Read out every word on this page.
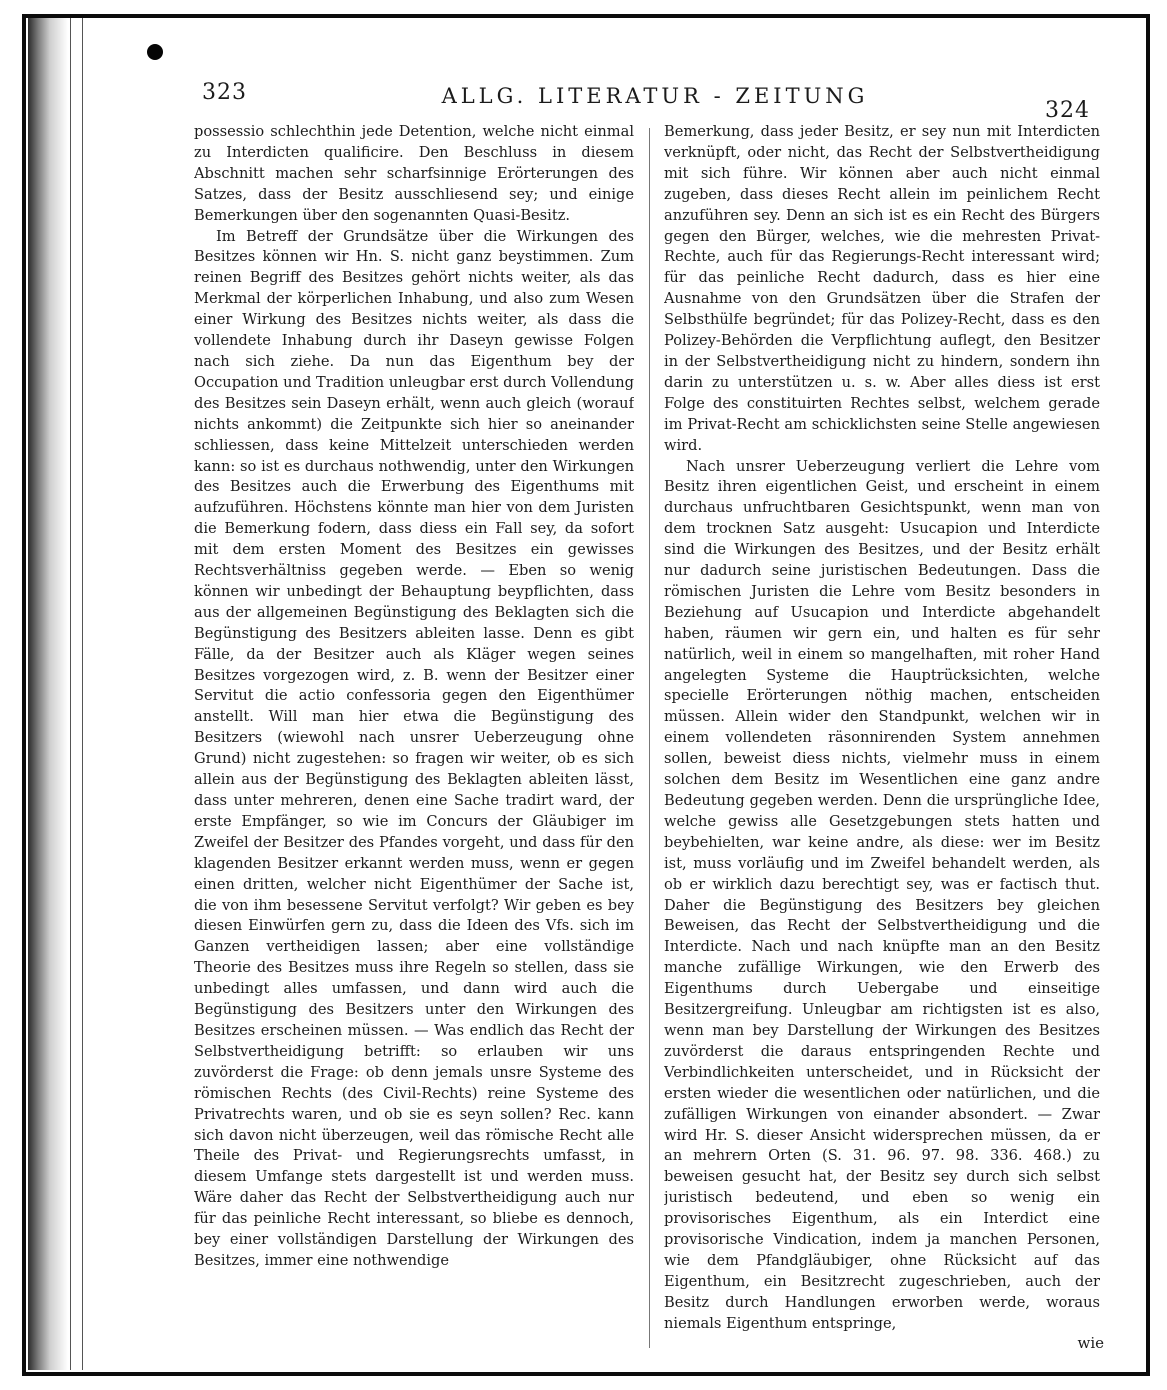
323	ALLG. LITERATUR - ZEITUNG
324

possessio schlechthin jede Detention, welche nicht einmal zu Interdicten qualificire. Den Beschluss in diesem Abschnitt machen sehr scharfsinnige Erörterungen des Satzes, dass der Besitz ausschliesend sey; und einige Bemerkungen über den sogenannten Quasi-Besitz.

Im Betreff der Grundsätze über die Wirkungen des Besitzes können wir Hn. S. nicht ganz beystimmen. Zum reinen Begriff des Besitzes gehört nichts weiter, als das Merkmal der körperlichen Inhabung, und also zum Wesen einer Wirkung des Besitzes nichts weiter, als dass die vollendete Inhabung durch ihr Daseyn gewisse Folgen nach sich ziehe. Da nun das Eigenthum bey der Occupation und Tradition unleugbar erst durch Vollendung des Besitzes sein Daseyn erhält, wenn auch gleich (worauf nichts ankommt) die Zeitpunkte sich hier so aneinander schliessen, dass keine Mittelzeit unterschieden werden kann: so ist es durchaus nothwendig, unter den Wirkungen des Besitzes auch die Erwerbung des Eigenthums mit aufzuführen. Höchstens könnte man hier von dem Juristen die Bemerkung fodern, dass diess ein Fall sey, da sofort mit dem ersten Moment des Besitzes ein gewisses Rechtsverhältniss gegeben werde. — Eben so wenig können wir unbedingt der Behauptung beypflichten, dass aus der allgemeinen Begünstigung des Beklagten sich die Begünstigung des Besitzers ableiten lasse. Denn es gibt Fälle, da der Besitzer auch als Kläger wegen seines Besitzes vorgezogen wird, z. B. wenn der Besitzer einer Servitut die actio confessoria gegen den Eigenthümer anstellt. Will man hier etwa die Begünstigung des Besitzers (wiewohl nach unsrer Ueberzeugung ohne Grund) nicht zugestehen: so fragen wir weiter, ob es sich allein aus der Begünstigung des Beklagten ableiten lässt, dass unter mehreren, denen eine Sache tradirt ward, der erste Empfänger, so wie im Concurs der Gläubiger im Zweifel der Besitzer des Pfandes vorgeht, und dass für den klagenden Besitzer erkannt werden muss, wenn er gegen einen dritten, welcher nicht Eigenthümer der Sache ist, die von ihm besessene Servitut verfolgt? Wir geben es bey diesen Einwürfen gern zu, dass die Ideen des Vfs. sich im Ganzen vertheidigen lassen; aber eine vollständige Theorie des Besitzes muss ihre Regeln so stellen, dass sie unbedingt alles umfassen, und dann wird auch die Begünstigung des Besitzers unter den Wirkungen des Besitzes erscheinen müssen. — Was endlich das Recht der Selbstvertheidigung betrifft: so erlauben wir uns zuvörderst die Frage: ob denn jemals unsre Systeme des römischen Rechts (des Civil-Rechts) reine Systeme des Privatrechts waren, und ob sie es seyn sollen? Rec. kann sich davon nicht überzeugen, weil das römische Recht alle Theile des Privat- und Regierungsrechts umfasst, in diesem Umfange stets dargestellt ist und werden muss. Wäre daher das Recht der Selbstvertheidigung auch nur für das peinliche Recht interessant, so bliebe es dennoch, bey einer vollständigen Darstellung der Wirkungen des Besitzes, immer eine nothwendige

Bemerkung, dass jeder Besitz, er sey nun mit Interdicten verknüpft, oder nicht, das Recht der Selbstvertheidigung mit sich führe. Wir können aber auch nicht einmal zugeben, dass dieses Recht allein im peinlichem Recht anzuführen sey. Denn an sich ist es ein Recht des Bürgers gegen den Bürger, welches, wie die mehresten Privat-Rechte, auch für das Regierungs-Recht interessant wird; für das peinliche Recht dadurch, dass es hier eine Ausnahme von den Grundsätzen über die Strafen der Selbsthülfe begründet; für das Polizey-Recht, dass es den Polizey-Behörden die Verpflichtung auflegt, den Besitzer in der Selbstvertheidigung nicht zu hindern, sondern ihn darin zu unterstützen u. s. w. Aber alles diess ist erst Folge des constituirten Rechtes selbst, welchem gerade im Privat-Recht am schicklichsten seine Stelle angewiesen wird.

Nach unsrer Ueberzeugung verliert die Lehre vom Besitz ihren eigentlichen Geist, und erscheint in einem durchaus unfruchtbaren Gesichtspunkt, wenn man von dem trocknen Satz ausgeht: Usucapion und Interdicte sind die Wirkungen des Besitzes, und der Besitz erhält nur dadurch seine juristischen Bedeutungen. Dass die römischen Juristen die Lehre vom Besitz besonders in Beziehung auf Usucapion und Interdicte abgehandelt haben, räumen wir gern ein, und halten es für sehr natürlich, weil in einem so mangelhaften, mit roher Hand angelegten Systeme die Hauptrücksichten, welche specielle Erörterungen nöthig machen, entscheiden müssen. Allein wider den Standpunkt, welchen wir in einem vollendeten räsonnirenden System annehmen sollen, beweist diess nichts, vielmehr muss in einem solchen dem Besitz im Wesentlichen eine ganz andre Bedeutung gegeben werden. Denn die ursprüngliche Idee, welche gewiss alle Gesetzgebungen stets hatten und beybehielten, war keine andre, als diese: wer im Besitz ist, muss vorläufig und im Zweifel behandelt werden, als ob er wirklich dazu berechtigt sey, was er factisch thut. Daher die Begünstigung des Besitzers bey gleichen Beweisen, das Recht der Selbstvertheidigung und die Interdicte. Nach und nach knüpfte man an den Besitz manche zufällige Wirkungen, wie den Erwerb des Eigenthums durch Uebergabe und einseitige Besitzergreifung. Unleugbar am richtigsten ist es also, wenn man bey Darstellung der Wirkungen des Besitzes zuvörderst die daraus entspringenden Rechte und Verbindlichkeiten unterscheidet, und in Rücksicht der ersten wieder die wesentlichen oder natürlichen, und die zufälligen Wirkungen von einander absondert. — Zwar wird Hr. S. dieser Ansicht widersprechen müssen, da er an mehrern Orten (S. 31. 96. 97. 98. 336. 468.) zu beweisen gesucht hat, der Besitz sey durch sich selbst juristisch bedeutend, und eben so wenig ein provisorisches Eigenthum, als ein Interdict eine provisorische Vindication, indem ja manchen Personen, wie dem Pfandgläubiger, ohne Rücksicht auf das Eigenthum, ein Besitzrecht zugeschrieben, auch der Besitz durch Handlungen erworben werde, woraus niemals Eigenthum entspringe,

wie
